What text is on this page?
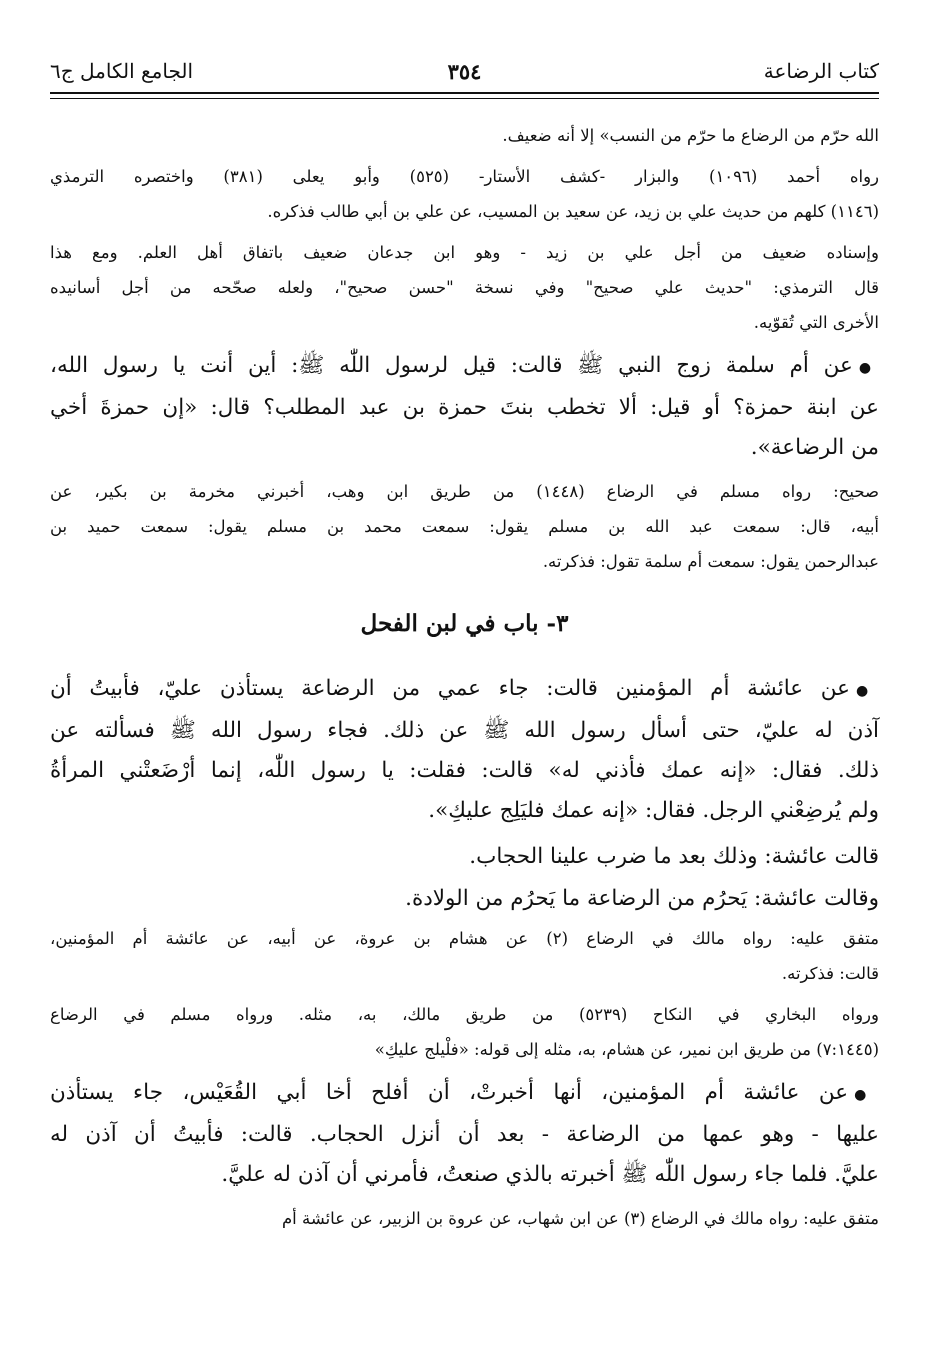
كتاب الرضاعة
٣٥٤
الجامع الكامل ج٦

الله حرّم من الرضاع ما حرّم من النسب» إلا أنه ضعيف.

رواه أحمد (١٠٩٦) والبزار -كشف الأستار- (٥٢٥) وأبو يعلى (٣٨١) واختصره الترمذي

(١١٤٦) كلهم من حديث علي بن زيد، عن سعيد بن المسيب، عن علي بن أبي طالب فذكره.

وإسناده ضعيف من أجل علي بن زيد - وهو ابن جدعان ضعيف باتفاق أهل العلم. ومع هذا

قال الترمذي: "حديث علي صحيح" وفي نسخة "حسن صحيح"، ولعله صحّحه من أجل أسانيده

الأخرى التي تُقوّيه.

●عن أم سلمة زوج النبي ﷺ قالت: قيل لرسول اللّٰه ﷺ: أين أنت يا رسول الله،

عن ابنة حمزة؟ أو قيل: ألا تخطب بنتَ حمزة بن عبد المطلب؟ قال: «إن حمزةَ أخي

من الرضاعة».

صحيح: رواه مسلم في الرضاع (١٤٤٨) من طريق ابن وهب، أخبرني مخرمة بن بكير، عن

أبيه، قال: سمعت عبد الله بن مسلم يقول: سمعت محمد بن مسلم يقول: سمعت حميد بن

عبدالرحمن يقول: سمعت أم سلمة تقول: فذكرته.

٣- باب في لبن الفحل

●عن عائشة أم المؤمنين قالت: جاء عمي من الرضاعة يستأذن عليّ، فأبيتُ أن

آذن له عليّ، حتى أسأل رسول الله ﷺ عن ذلك. فجاء رسول الله ﷺ فسألته عن

ذلك. فقال: «إنه عمك فأذني له» قالت: فقلت: يا رسول اللّٰه، إنما أرْضَعتْني المرأةُ

ولم يُرضِعْني الرجل. فقال: «إنه عمك فليَلِج عليكِ».

قالت عائشة: وذلك بعد ما ضرب علينا الحجاب.

وقالت عائشة: يَحرُم من الرضاعة ما يَحرُم من الولادة.

متفق عليه: رواه مالك في الرضاع (٢) عن هشام بن عروة، عن أبيه، عن عائشة أم المؤمنين،

قالت: فذكرته.

ورواه البخاري في النكاح (٥٢٣٩) من طريق مالك، به، مثله. ورواه مسلم في الرضاع

(٧:١٤٤٥) من طريق ابن نمير، عن هشام، به، مثله إلى قوله: «فلْيلج عليكِ»

●عن عائشة أم المؤمنين، أنها أخبرتْ، أن أفلح أخا أبي القُعَيْس، جاء يستأذن

عليها - وهو عمها من الرضاعة - بعد أن أنزل الحجاب. قالت: فأبيتُ أن آذن له

عليَّ. فلما جاء رسول اللّٰه ﷺ أخبرته بالذي صنعتُ، فأمرني أن آذن له عليَّ.

متفق عليه: رواه مالك في الرضاع (٣) عن ابن شهاب، عن عروة بن الزبير، عن عائشة أم
